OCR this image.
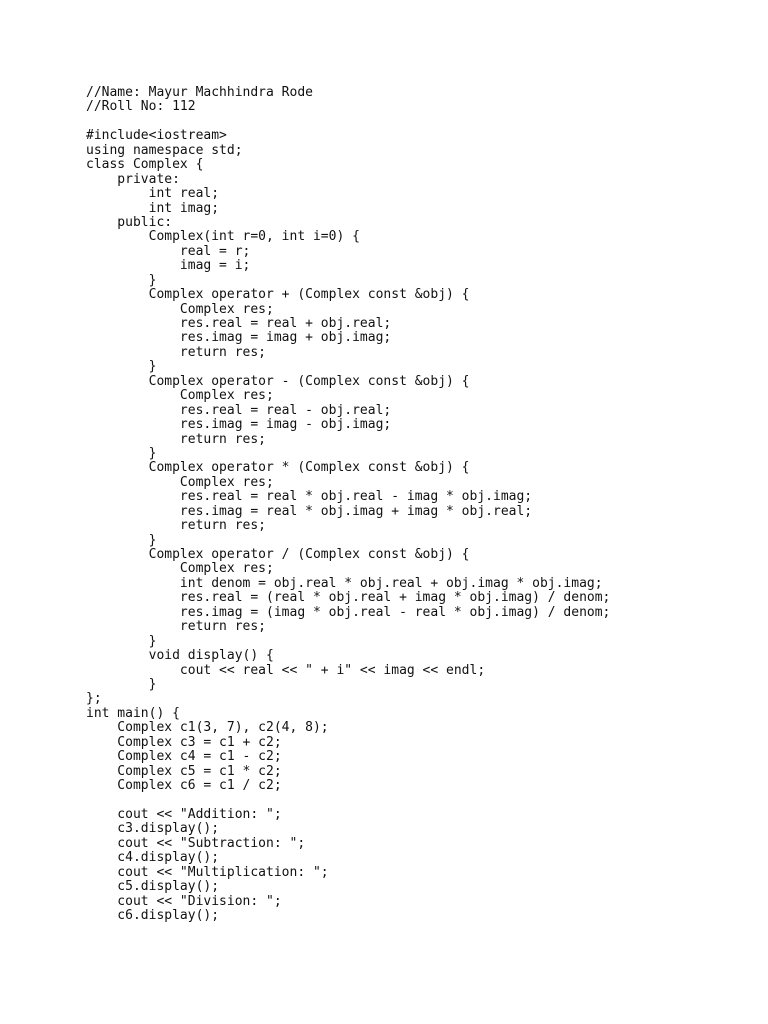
//Name: Mayur Machhindra Rode
//Roll No: 112

#include<iostream>
using namespace std;
class Complex {
private:
int real;
int imag;
public:
Complex(int r=0, int i=0) {
real = r;
imag = i;
}
Complex operator + (Complex const &obj) {
Complex res;
res.real = real + obj.real;
res.imag = imag + obj.imag;
return res;
}
Complex operator - (Complex const &obj) {
Complex res;
res.real = real - obj.real;
res.imag = imag - obj.imag;
return res;
}
Complex operator * (Complex const &obj) {
Complex res;
res.real = real * obj.real - imag * obj.imag;
res.imag = real * obj.imag + imag * obj.real;
return res;
}
Complex operator / (Complex const &obj) {
Complex res;
int denom = obj.real * obj.real + obj.imag * obj.imag;
res.real = (real * obj.real + imag * obj.imag) / denom;
res.imag = (imag * obj.real - real * obj.imag) / denom;
return res;
}
void display() {
cout << real << " + i" << imag << endl;
}
};
int main() {
Complex c1(3, 7), c2(4, 8);
Complex c3 = c1 + c2;
Complex c4 = c1 - c2;
Complex c5 = c1 * c2;
Complex c6 = c1 / c2;

cout << "Addition: ";
c3.display();
cout << "Subtraction: ";
c4.display();
cout << "Multiplication: ";
c5.display();
cout << "Division: ";
c6.display();
